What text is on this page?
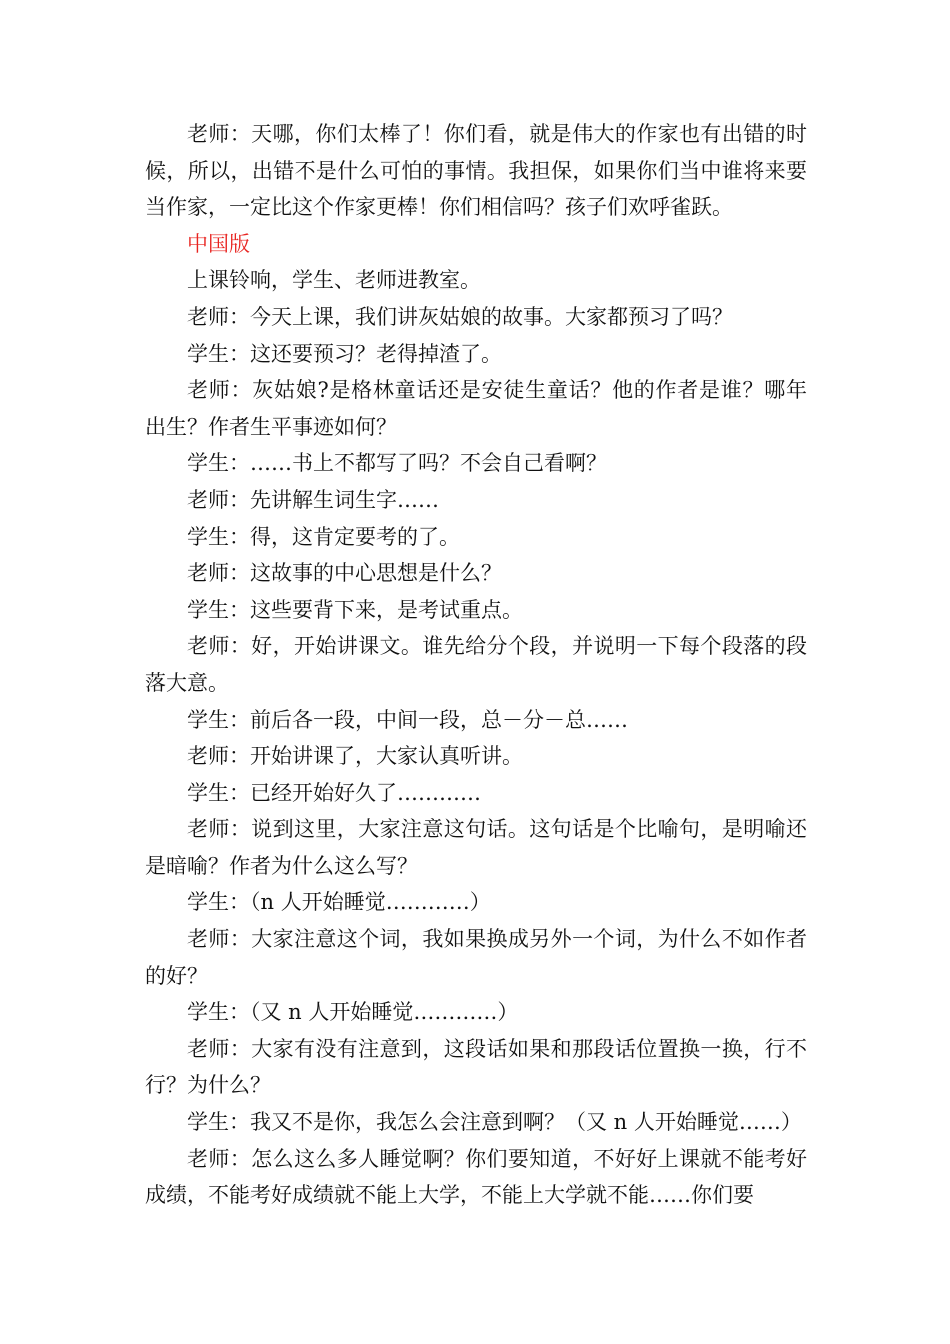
老师：天哪，你们太棒了！你们看，就是伟大的作家也有出错的时候，所以，出错不是什么可怕的事情。我担保，如果你们当中谁将来要当作家，一定比这个作家更棒！你们相信吗？孩子们欢呼雀跃。

中国版

上课铃响，学生、老师进教室。

老师：今天上课，我们讲灰姑娘的故事。大家都预习了吗？

学生：这还要预习？老得掉渣了。

老师：灰姑娘?是格林童话还是安徒生童话？他的作者是谁？哪年出生？作者生平事迹如何？

学生：……书上不都写了吗？不会自己看啊？

老师：先讲解生词生字……

学生：得，这肯定要考的了。

老师：这故事的中心思想是什么？

学生：这些要背下来，是考试重点。

老师：好，开始讲课文。谁先给分个段，并说明一下每个段落的段落大意。

学生：前后各一段，中间一段，总－分－总……

老师：开始讲课了，大家认真听讲。

学生：已经开始好久了…………

老师：说到这里，大家注意这句话。这句话是个比喻句，是明喻还是暗喻？作者为什么这么写？

学生：（n 人开始睡觉…………）

老师：大家注意这个词，我如果换成另外一个词，为什么不如作者的好？

学生：（又 n 人开始睡觉…………）

老师：大家有没有注意到，这段话如果和那段话位置换一换，行不行？为什么？

学生：我又不是你，我怎么会注意到啊？（又 n 人开始睡觉……）

老师：怎么这么多人睡觉啊？你们要知道，不好好上课就不能考好成绩，不能考好成绩就不能上大学，不能上大学就不能……你们要
